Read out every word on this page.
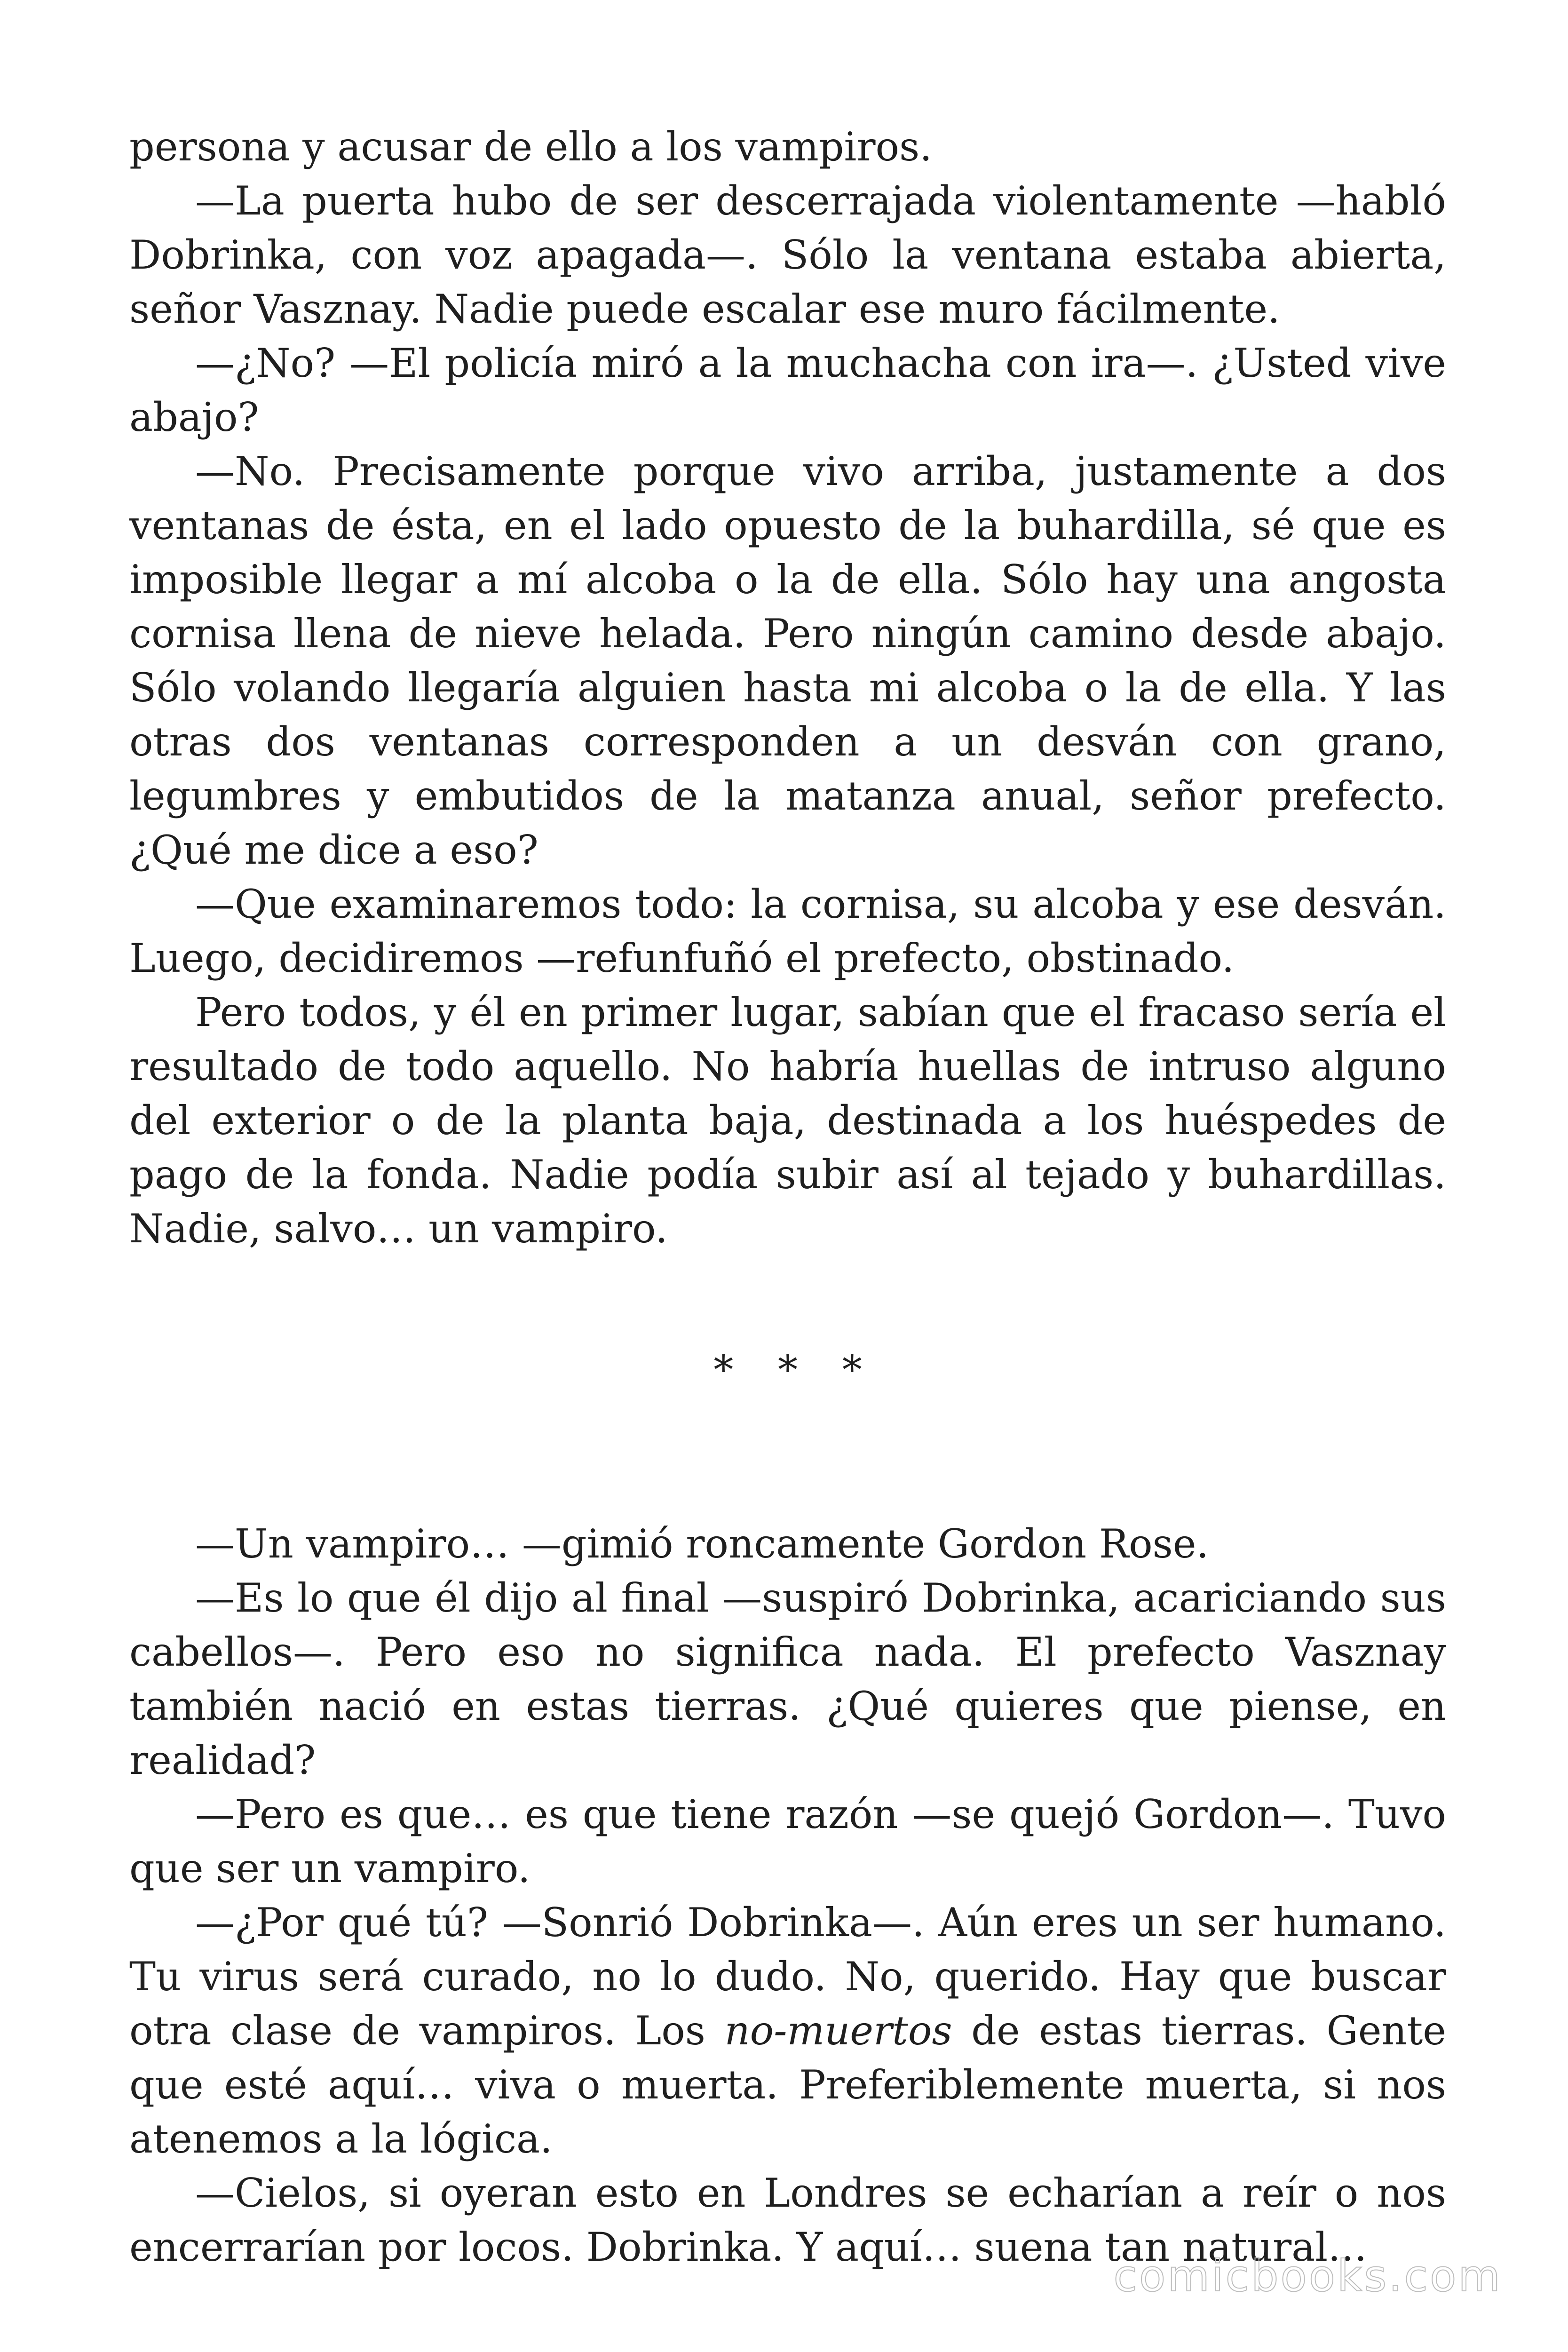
persona y acusar de ello a los vampiros.

—La puerta hubo de ser descerrajada violentamente —habló Dobrinka, con voz apagada—. Sólo la ventana estaba abierta, señor Vasznay. Nadie puede escalar ese muro fácilmente.

—¿No? —El policía miró a la muchacha con ira—. ¿Usted vive abajo?

—No. Precisamente porque vivo arriba, justamente a dos ventanas de ésta, en el lado opuesto de la buhardilla, sé que es imposible llegar a mí alcoba o la de ella. Sólo hay una angosta cornisa llena de nieve helada. Pero ningún camino desde abajo. Sólo volando llegaría alguien hasta mi alcoba o la de ella. Y las otras dos ventanas corresponden a un desván con grano, legumbres y embutidos de la matanza anual, señor prefecto. ¿Qué me dice a eso?

—Que examinaremos todo: la cornisa, su alcoba y ese desván. Luego, decidiremos —refunfuñó el prefecto, obstinado.

Pero todos, y él en primer lugar, sabían que el fracaso sería el resultado de todo aquello. No habría huellas de intruso alguno del exterior o de la planta baja, destinada a los huéspedes de pago de la fonda. Nadie podía subir así al tejado y buhardillas. Nadie, salvo… un vampiro.

* * *

—Un vampiro… —gimió roncamente Gordon Rose.

—Es lo que él dijo al final —suspiró Dobrinka, acariciando sus cabellos—. Pero eso no significa nada. El prefecto Vasznay también nació en estas tierras. ¿Qué quieres que piense, en realidad?

—Pero es que… es que tiene razón —se quejó Gordon—. Tuvo que ser un vampiro.

—¿Por qué tú? —Sonrió Dobrinka—. Aún eres un ser humano. Tu virus será curado, no lo dudo. No, querido. Hay que buscar otra clase de vampiros. Los no-muertos de estas tierras. Gente que esté aquí… viva o muerta. Preferiblemente muerta, si nos atenemos a la lógica.

—Cielos, si oyeran esto en Londres se echarían a reír o nos encerrarían por locos. Dobrinka. Y aquí… suena tan natural…

comicbooks.com
